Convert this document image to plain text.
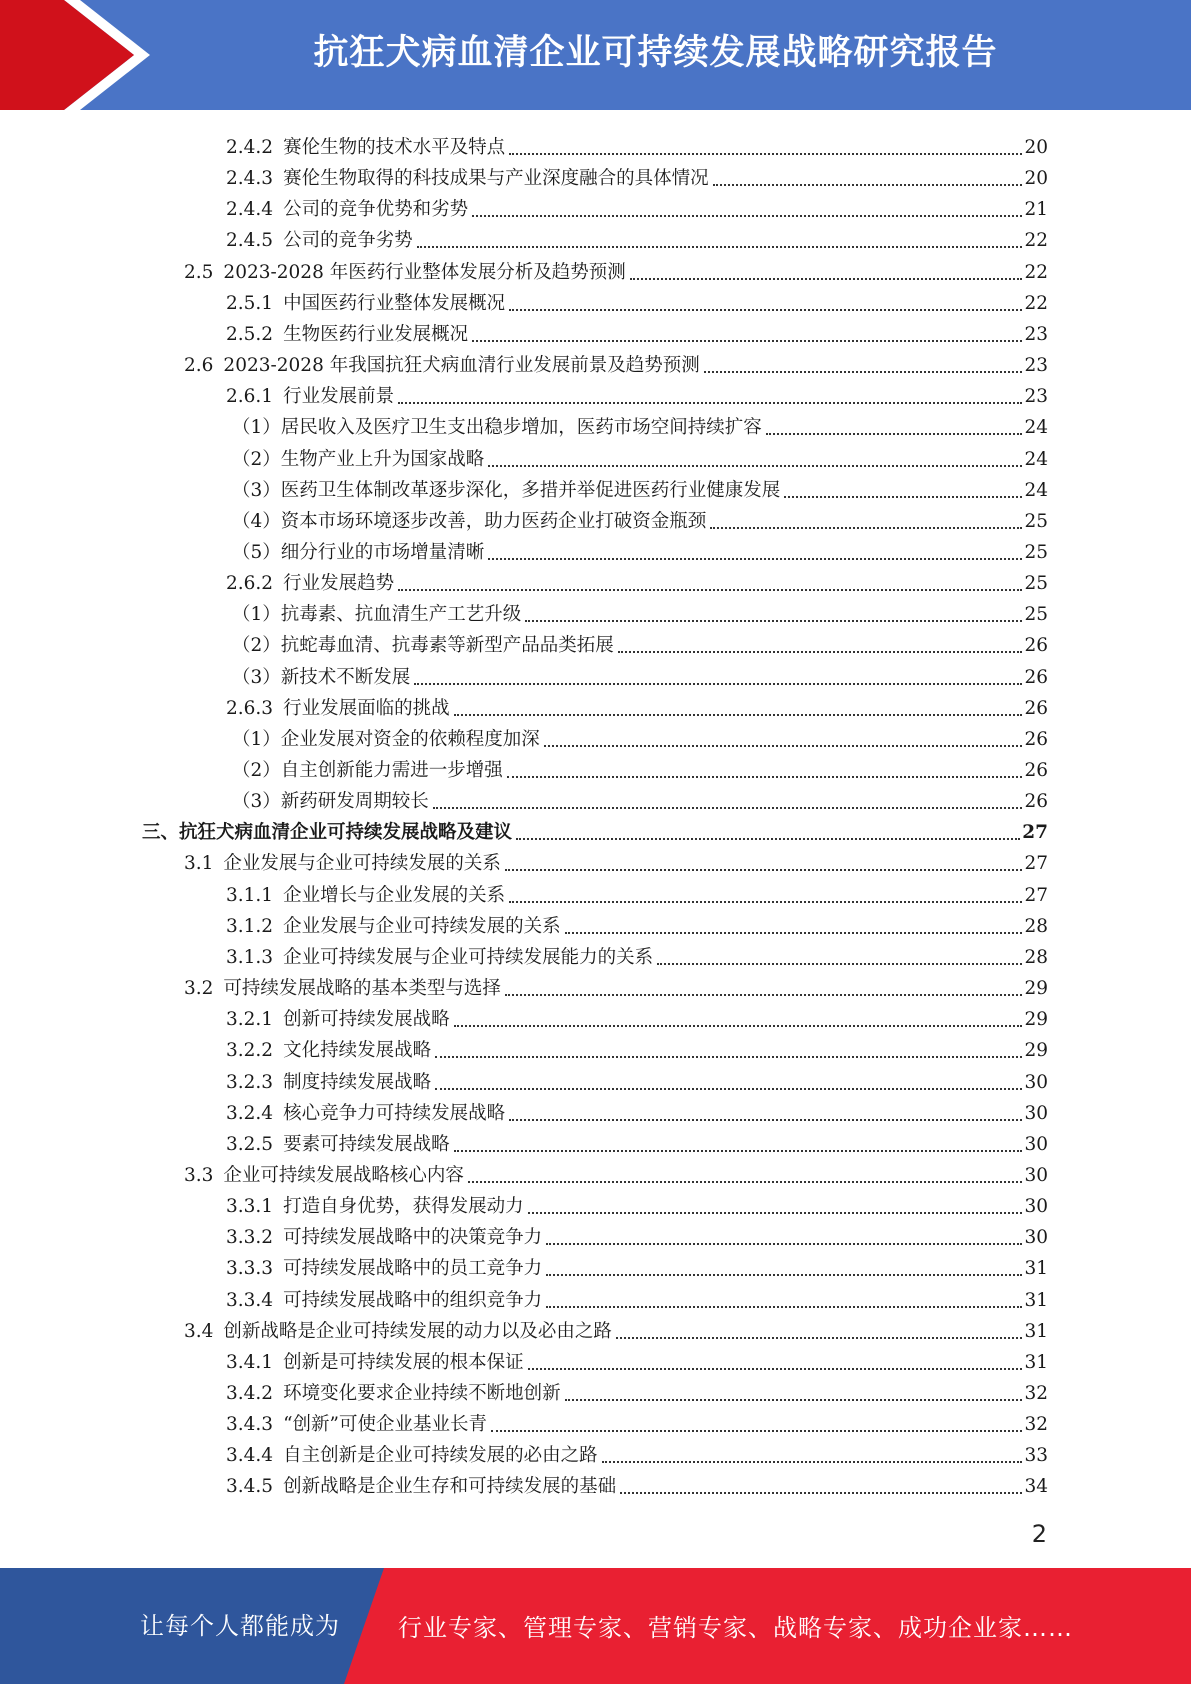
抗狂犬病血清企业可持续发展战略研究报告
2.4.2 赛伦生物的技术水平及特点	20
2.4.3 赛伦生物取得的科技成果与产业深度融合的具体情况	20
2.4.4 公司的竞争优势和劣势	21
2.4.5 公司的竞争劣势	22
2.5 2023-2028 年医药行业整体发展分析及趋势预测	22
2.5.1 中国医药行业整体发展概况	22
2.5.2 生物医药行业发展概况	23
2.6 2023-2028 年我国抗狂犬病血清行业发展前景及趋势预测	23
2.6.1 行业发展前景	23
（1） 居民收入及医疗卫生支出稳步增加，医药市场空间持续扩容	24
（2） 生物产业上升为国家战略	24
（3） 医药卫生体制改革逐步深化，多措并举促进医药行业健康发展	24
（4） 资本市场环境逐步改善，助力医药企业打破资金瓶颈	25
（5） 细分行业的市场增量清晰	25
2.6.2 行业发展趋势	25
（1） 抗毒素、抗血清生产工艺升级	25
（2） 抗蛇毒血清、抗毒素等新型产品品类拓展	26
（3） 新技术不断发展	26
2.6.3 行业发展面临的挑战	26
（1） 企业发展对资金的依赖程度加深	26
（2） 自主创新能力需进一步增强	26
（3） 新药研发周期较长	26
三、 抗狂犬病血清企业可持续发展战略及建议	27
3.1 企业发展与企业可持续发展的关系	27
3.1.1 企业增长与企业发展的关系	27
3.1.2 企业发展与企业可持续发展的关系	28
3.1.3 企业可持续发展与企业可持续发展能力的关系	28
3.2 可持续发展战略的基本类型与选择	29
3.2.1 创新可持续发展战略	29
3.2.2 文化持续发展战略	29
3.2.3 制度持续发展战略	30
3.2.4 核心竞争力可持续发展战略	30
3.2.5 要素可持续发展战略	30
3.3 企业可持续发展战略核心内容	30
3.3.1 打造自身优势，获得发展动力	30
3.3.2 可持续发展战略中的决策竞争力	30
3.3.3 可持续发展战略中的员工竞争力	31
3.3.4 可持续发展战略中的组织竞争力	31
3.4 创新战略是企业可持续发展的动力以及必由之路	31
3.4.1 创新是可持续发展的根本保证	31
3.4.2 环境变化要求企业持续不断地创新	32
3.4.3 “创新”可使企业基业长青	32
3.4.4 自主创新是企业可持续发展的必由之路	33
3.4.5 创新战略是企业生存和可持续发展的基础	34
2
让每个人都能成为 行业专家、管理专家、营销专家、战略专家、成功企业家……
